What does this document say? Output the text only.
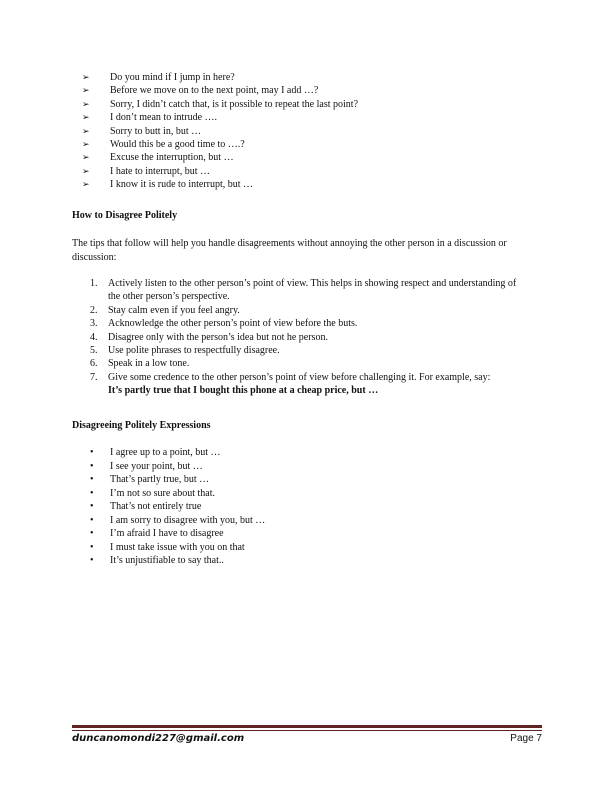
➢ Do you mind if I jump in here?
➢ Before we move on to the next point, may I add …?
➢ Sorry, I didn’t catch that, is it possible to repeat the last point?
➢ I don’t mean to intrude ….
➢ Sorry to butt in, but …
➢ Would this be a good time to ….?
➢ Excuse the interruption, but …
➢ I hate to interrupt, but …
➢ I know it is rude to interrupt, but …
How to Disagree Politely
The tips that follow will help you handle disagreements without annoying the other person in a discussion or discussion:
1.	Actively listen to the other person’s point of view. This helps in showing respect and understanding of the other person’s perspective.
2.	Stay calm even if you feel angry.
3.	Acknowledge the other person’s point of view before the buts.
4.	Disagree only with the person’s idea but not he person.
5.	Use polite phrases to respectfully disagree.
6.	Speak in a low tone.
7.	Give some credence to the other person’s point of view before challenging it. For example, say:
It’s partly true that I bought this phone at a cheap price, but …
Disagreeing Politely Expressions
• I agree up to a point, but …
• I see your point, but …
• That’s partly true, but …
• I’m not so sure about that.
• That’s not entirely true
• I am sorry to disagree with you, but …
• I’m afraid I have to disagree
• I must take issue with you on that
• It’s unjustifiable to say that..
duncanomondi227@gmail.com	Page 7
